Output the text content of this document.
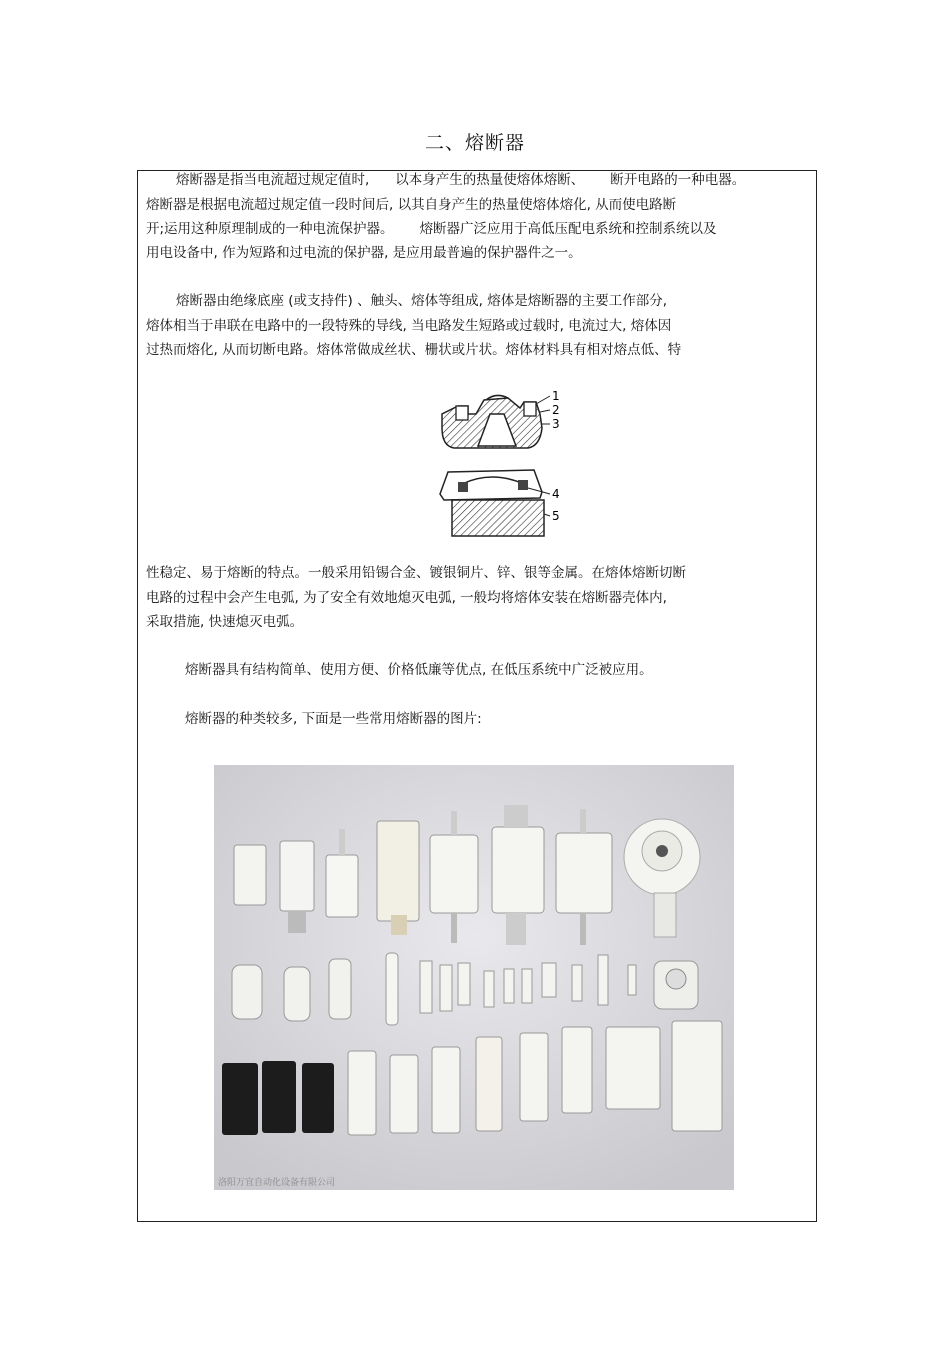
二、熔断器
熔断器是指当电流超过规定值时, 以本身产生的热量使熔体熔断、 断开电路的一种电器。
熔断器是根据电流超过规定值一段时间后, 以其自身产生的热量使熔体熔化, 从而使电路断
开;运用这种原理制成的一种电流保护器。 熔断器广泛应用于高低压配电系统和控制系统以及
用电设备中, 作为短路和过电流的保护器, 是应用最普遍的保护器件之一。
熔断器由绝缘底座 (或支持件) 、触头、熔体等组成, 熔体是熔断器的主要工作部分,
熔体相当于串联在电路中的一段特殊的导线, 当电路发生短路或过载时, 电流过大, 熔体因
过热而熔化, 从而切断电路。熔体常做成丝状、栅状或片状。熔体材料具有相对熔点低、特
1
2
3
4
5
性稳定、易于熔断的特点。一般采用铅锡合金、镀银铜片、锌、银等金属。在熔体熔断切断
电路的过程中会产生电弧, 为了安全有效地熄灭电弧, 一般均将熔体安装在熔断器壳体内,
采取措施, 快速熄灭电弧。
熔断器具有结构简单、使用方便、价格低廉等优点, 在低压系统中广泛被应用。
熔断器的种类较多, 下面是一些常用熔断器的图片:
洛阳万宜自动化设备有限公司
